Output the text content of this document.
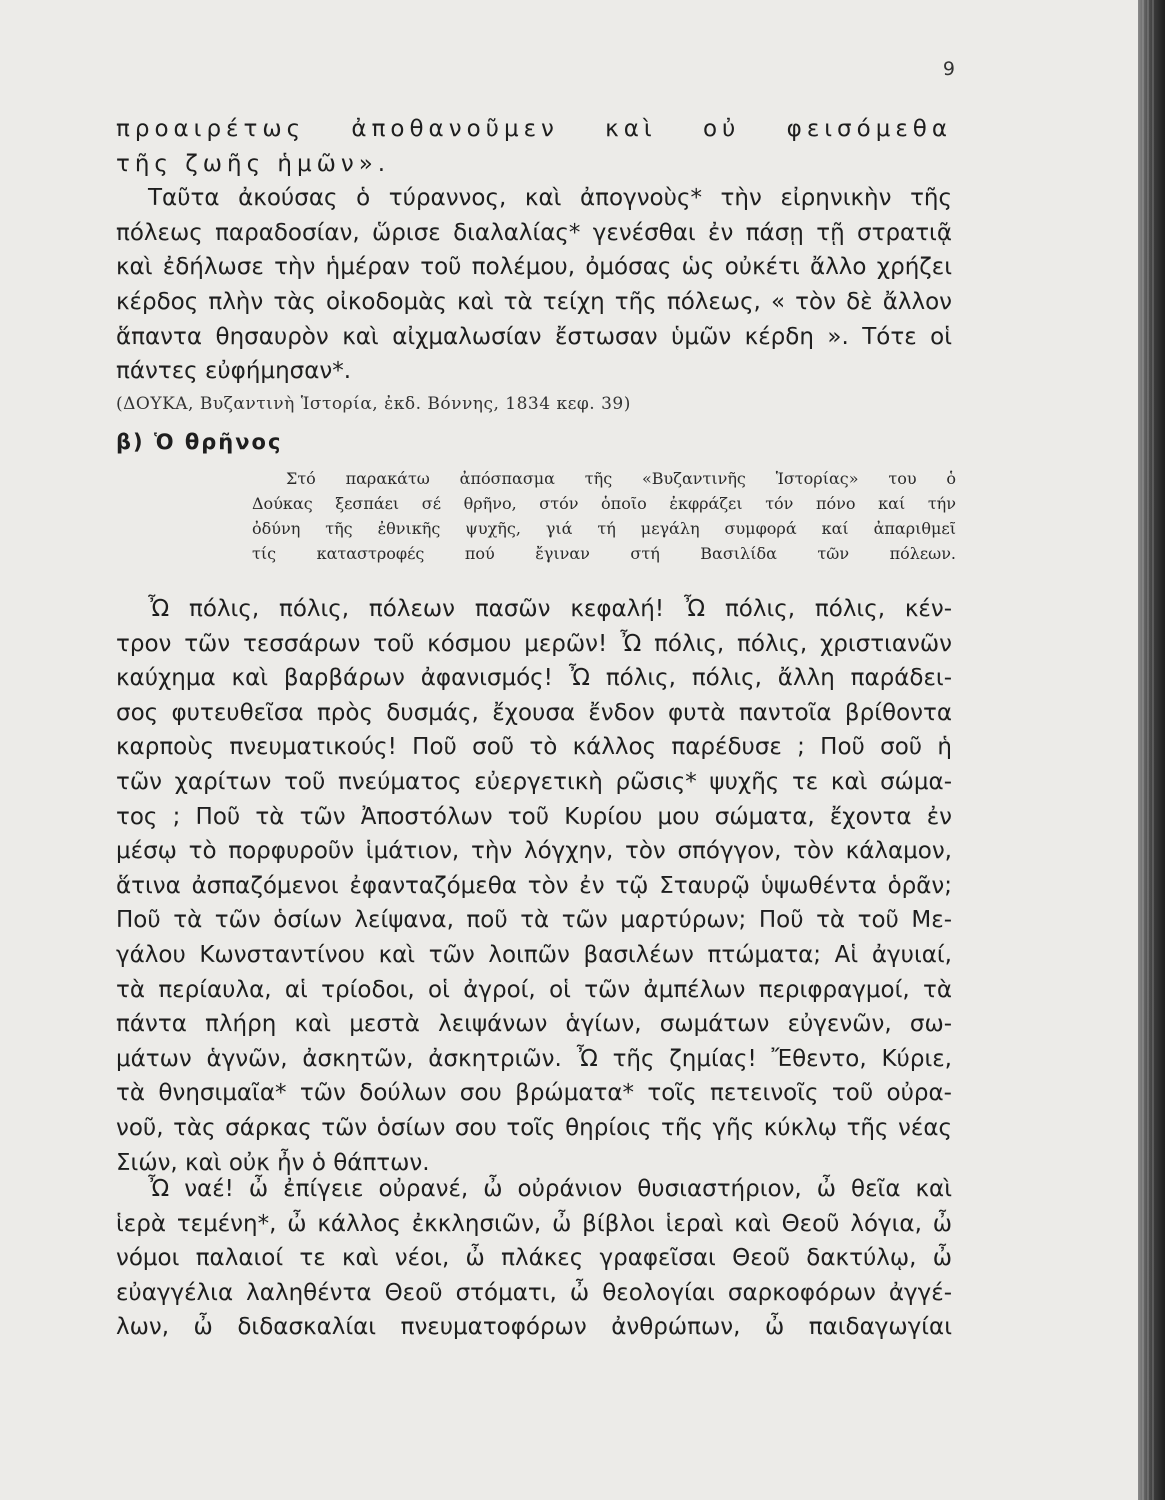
9
προαιρέτως ἀποθανοῦμεν καὶ οὐ φεισόμεθα
τῆς ζωῆς ἡμῶν».
Ταῦτα ἀκούσας ὁ τύραννος, καὶ ἀπογνοὺς* τὴν εἰρηνικὴν τῆς
πόλεως παραδοσίαν, ὥρισε διαλαλίας* γενέσθαι ἐν πάσῃ τῇ στρατιᾷ
καὶ ἐδήλωσε τὴν ἡμέραν τοῦ πολέμου, ὀμόσας ὡς οὐκέτι ἄλλο χρήζει
κέρδος πλὴν τὰς οἰκοδομὰς καὶ τὰ τείχη τῆς πόλεως, « τὸν δὲ ἄλλον
ἅπαντα θησαυρὸν καὶ αἰχμαλωσίαν ἔστωσαν ὑμῶν κέρδη ». Τότε οἱ
πάντες εὐφήμησαν*.
(ΔΟΥΚΑ, Βυζαντινὴ Ἱστορία, ἐκδ. Βόννης, 1834 κεφ. 39)
β) Ὁ θρῆνος
Στό παρακάτω ἀπόσπασμα τῆς «Βυζαντινῆς Ἱστορίας» του ὁ
Δούκας ξεσπάει σέ θρῆνο, στόν ὁποῖο ἐκφράζει τόν πόνο καί τήν
ὀδύνη τῆς ἐθνικῆς ψυχῆς, γιά τή μεγάλη συμφορά καί ἀπαριθμεῖ
τίς καταστροφές πού ἔγιναν στή Βασιλίδα τῶν πόλεων.
Ὦ πόλις, πόλις, πόλεων πασῶν κεφαλή! Ὦ πόλις, πόλις, κέν-
τρον τῶν τεσσάρων τοῦ κόσμου μερῶν! Ὦ πόλις, πόλις, χριστιανῶν
καύχημα καὶ βαρβάρων ἀφανισμός! Ὦ πόλις, πόλις, ἄλλη παράδει-
σος φυτευθεῖσα πρὸς δυσμάς, ἔχουσα ἔνδον φυτὰ παντοῖα βρίθοντα
καρποὺς πνευματικούς! Ποῦ σοῦ τὸ κάλλος παρέδυσε ; Ποῦ σοῦ ἡ
τῶν χαρίτων τοῦ πνεύματος εὐεργετικὴ ρῶσις* ψυχῆς τε καὶ σώμα-
τος ; Ποῦ τὰ τῶν Ἀποστόλων τοῦ Κυρίου μου σώματα, ἔχοντα ἐν
μέσῳ τὸ πορφυροῦν ἱμάτιον, τὴν λόγχην, τὸν σπόγγον, τὸν κάλαμον,
ἅτινα ἀσπαζόμενοι ἐφανταζόμεθα τὸν ἐν τῷ Σταυρῷ ὑψωθέντα ὁρᾶν;
Ποῦ τὰ τῶν ὁσίων λείψανα, ποῦ τὰ τῶν μαρτύρων; Ποῦ τὰ τοῦ Με-
γάλου Κωνσταντίνου καὶ τῶν λοιπῶν βασιλέων πτώματα; Αἱ ἀγυιαί,
τὰ περίαυλα, αἱ τρίοδοι, οἱ ἀγροί, οἱ τῶν ἀμπέλων περιφραγμοί, τὰ
πάντα πλήρη καὶ μεστὰ λειψάνων ἁγίων, σωμάτων εὐγενῶν, σω-
μάτων ἁγνῶν, ἀσκητῶν, ἀσκητριῶν. Ὦ τῆς ζημίας! Ἔθεντο, Κύριε,
τὰ θνησιμαῖα* τῶν δούλων σου βρώματα* τοῖς πετεινοῖς τοῦ οὐρα-
νοῦ, τὰς σάρκας τῶν ὁσίων σου τοῖς θηρίοις τῆς γῆς κύκλῳ τῆς νέας
Σιών, καὶ οὐκ ἦν ὁ θάπτων.
Ὦ ναέ! ὦ ἐπίγειε οὐρανέ, ὦ οὐράνιον θυσιαστήριον, ὦ θεῖα καὶ
ἱερὰ τεμένη*, ὦ κάλλος ἐκκλησιῶν, ὦ βίβλοι ἱεραὶ καὶ Θεοῦ λόγια, ὦ
νόμοι παλαιοί τε καὶ νέοι, ὦ πλάκες γραφεῖσαι Θεοῦ δακτύλῳ, ὦ
εὐαγγέλια λαληθέντα Θεοῦ στόματι, ὦ θεολογίαι σαρκοφόρων ἀγγέ-
λων, ὦ διδασκαλίαι πνευματοφόρων ἀνθρώπων, ὦ παιδαγωγίαι
